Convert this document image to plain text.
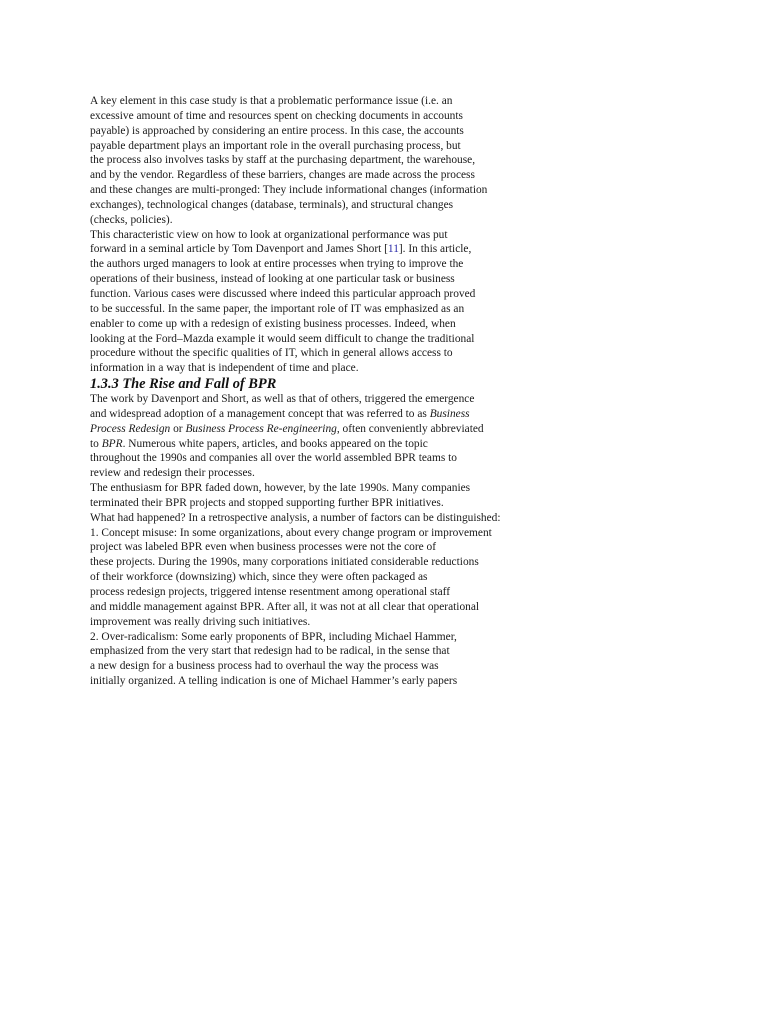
A key element in this case study is that a problematic performance issue (i.e. an
excessive amount of time and resources spent on checking documents in accounts
payable) is approached by considering an entire process. In this case, the accounts
payable department plays an important role in the overall purchasing process, but
the process also involves tasks by staff at the purchasing department, the warehouse,
and by the vendor. Regardless of these barriers, changes are made across the process
and these changes are multi-pronged: They include informational changes (information
exchanges), technological changes (database, terminals), and structural changes
(checks, policies).
This characteristic view on how to look at organizational performance was put
forward in a seminal article by Tom Davenport and James Short [11]. In this article,
the authors urged managers to look at entire processes when trying to improve the
operations of their business, instead of looking at one particular task or business
function. Various cases were discussed where indeed this particular approach proved
to be successful. In the same paper, the important role of IT was emphasized as an
enabler to come up with a redesign of existing business processes. Indeed, when
looking at the Ford–Mazda example it would seem difficult to change the traditional
procedure without the specific qualities of IT, which in general allows access to
information in a way that is independent of time and place.
1.3.3 The Rise and Fall of BPR
The work by Davenport and Short, as well as that of others, triggered the emergence
and widespread adoption of a management concept that was referred to as Business
Process Redesign or Business Process Re-engineering, often conveniently abbreviated
to BPR. Numerous white papers, articles, and books appeared on the topic
throughout the 1990s and companies all over the world assembled BPR teams to
review and redesign their processes.
The enthusiasm for BPR faded down, however, by the late 1990s. Many companies
terminated their BPR projects and stopped supporting further BPR initiatives.
What had happened? In a retrospective analysis, a number of factors can be distinguished:
1. Concept misuse: In some organizations, about every change program or improvement
project was labeled BPR even when business processes were not the core of
these projects. During the 1990s, many corporations initiated considerable reductions
of their workforce (downsizing) which, since they were often packaged as
process redesign projects, triggered intense resentment among operational staff
and middle management against BPR. After all, it was not at all clear that operational
improvement was really driving such initiatives.
2. Over-radicalism: Some early proponents of BPR, including Michael Hammer,
emphasized from the very start that redesign had to be radical, in the sense that
a new design for a business process had to overhaul the way the process was
initially organized. A telling indication is one of Michael Hammer’s early papers
